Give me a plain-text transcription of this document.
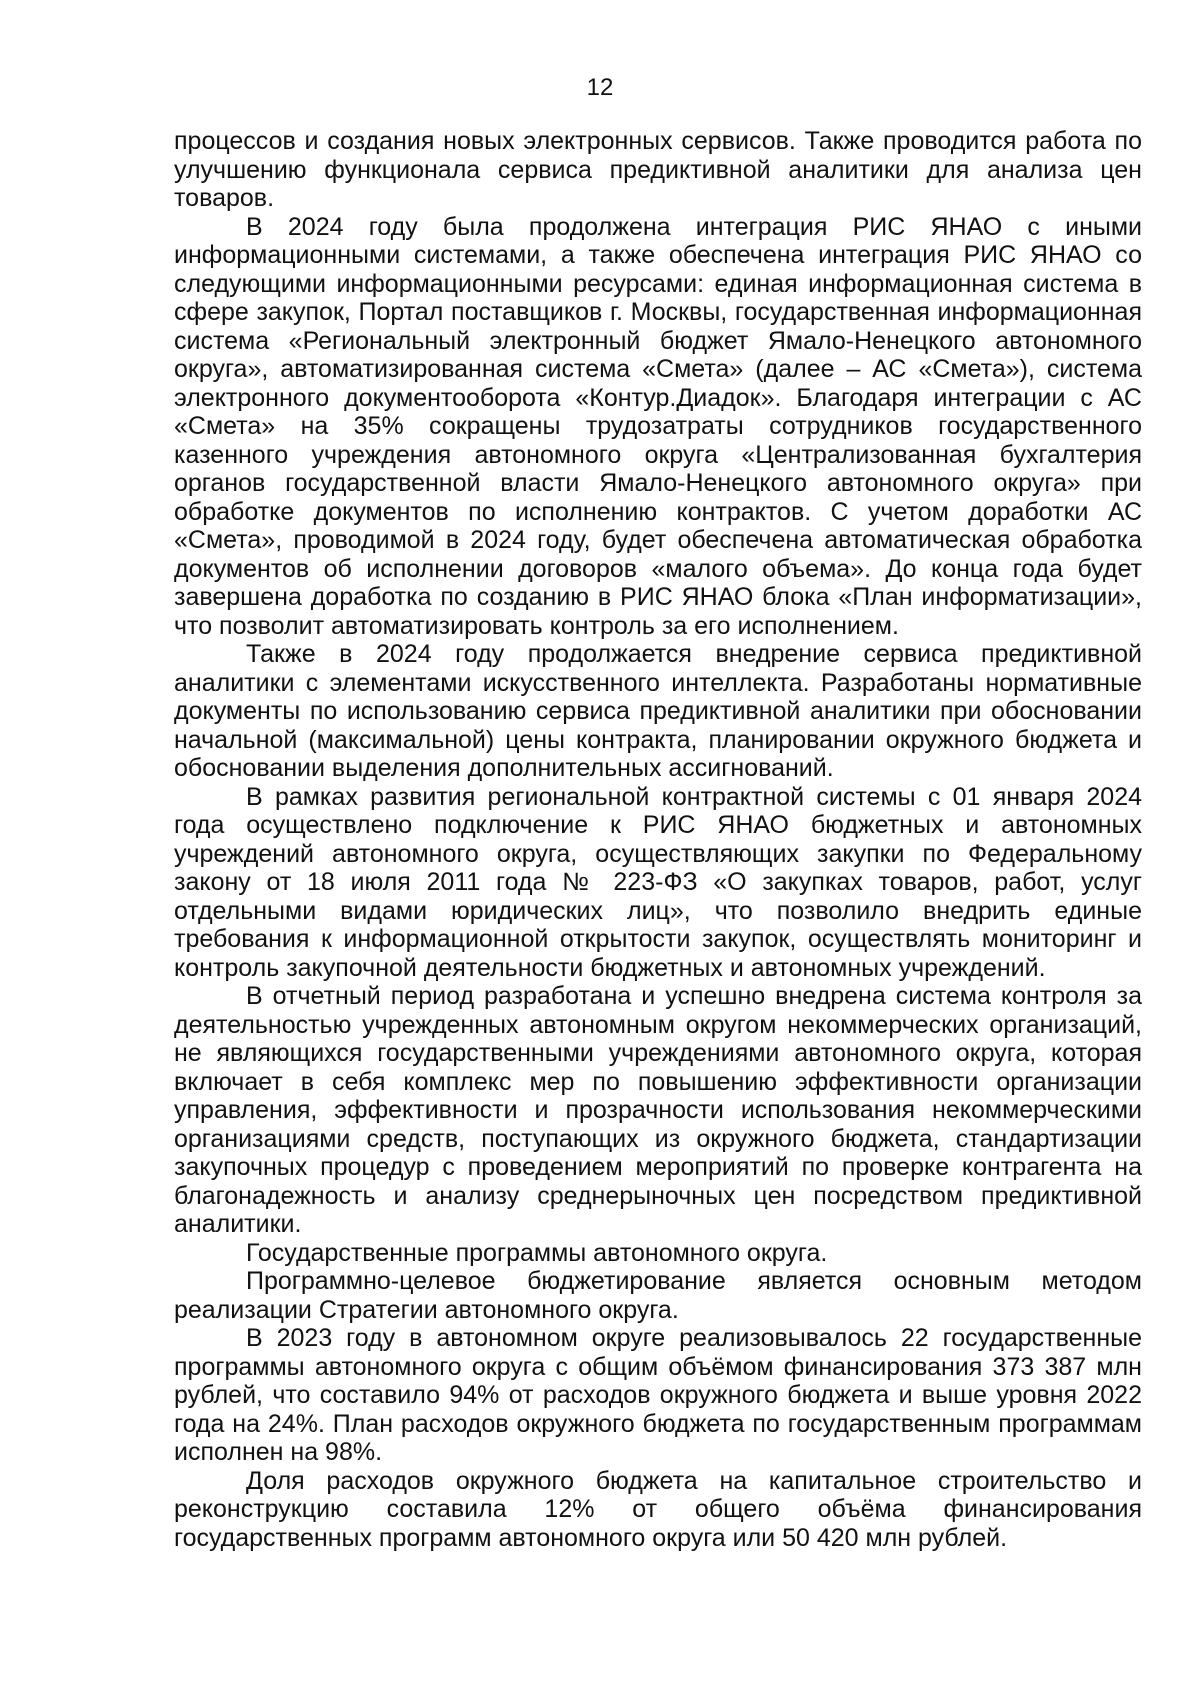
12

процессов и создания новых электронных сервисов. Также проводится работа по улучшению функционала сервиса предиктивной аналитики для анализа цен товаров.

В 2024 году была продолжена интеграция РИС ЯНАО с иными информационными системами, а также обеспечена интеграция РИС ЯНАО со следующими информационными ресурсами: единая информационная система в сфере закупок, Портал поставщиков г. Москвы, государственная информационная система «Региональный электронный бюджет Ямало-Ненецкого автономного округа», автоматизированная система «Смета» (далее – АС «Смета»), система электронного документооборота «Контур.Диадок». Благодаря интеграции с АС «Смета» на 35% сокращены трудозатраты сотрудников государственного казенного учреждения автономного округа «Централизованная бухгалтерия органов государственной власти Ямало-Ненецкого автономного округа» при обработке документов по исполнению контрактов. С учетом доработки АС «Смета», проводимой в 2024 году, будет обеспечена автоматическая обработка документов об исполнении договоров «малого объема». До конца года будет завершена доработка по созданию в РИС ЯНАО блока «План информатизации», что позволит автоматизировать контроль за его исполнением.

Также в 2024 году продолжается внедрение сервиса предиктивной аналитики с элементами искусственного интеллекта. Разработаны нормативные документы по использованию сервиса предиктивной аналитики при обосновании начальной (максимальной) цены контракта, планировании окружного бюджета и обосновании выделения дополнительных ассигнований.

В рамках развития региональной контрактной системы с 01 января 2024 года осуществлено подключение к РИС ЯНАО бюджетных и автономных учреждений автономного округа, осуществляющих закупки по Федеральному закону от 18 июля 2011 года № 223-ФЗ «О закупках товаров, работ, услуг отдельными видами юридических лиц», что позволило внедрить единые требования к информационной открытости закупок, осуществлять мониторинг и контроль закупочной деятельности бюджетных и автономных учреждений.

В отчетный период разработана и успешно внедрена система контроля за деятельностью учрежденных автономным округом некоммерческих организаций, не являющихся государственными учреждениями автономного округа, которая включает в себя комплекс мер по повышению эффективности организации управления, эффективности и прозрачности использования некоммерческими организациями средств, поступающих из окружного бюджета, стандартизации закупочных процедур с проведением мероприятий по проверке контрагента на благонадежность и анализу среднерыночных цен посредством предиктивной аналитики.

Государственные программы автономного округа.

Программно-целевое бюджетирование является основным методом реализации Стратегии автономного округа.

В 2023 году в автономном округе реализовывалось 22 государственные программы автономного округа с общим объёмом финансирования 373 387 млн рублей, что составило 94% от расходов окружного бюджета и выше уровня 2022 года на 24%. План расходов окружного бюджета по государственным программам исполнен на 98%.

Доля расходов окружного бюджета на капитальное строительство и реконструкцию составила 12% от общего объёма финансирования государственных программ автономного округа или 50 420 млн рублей.
